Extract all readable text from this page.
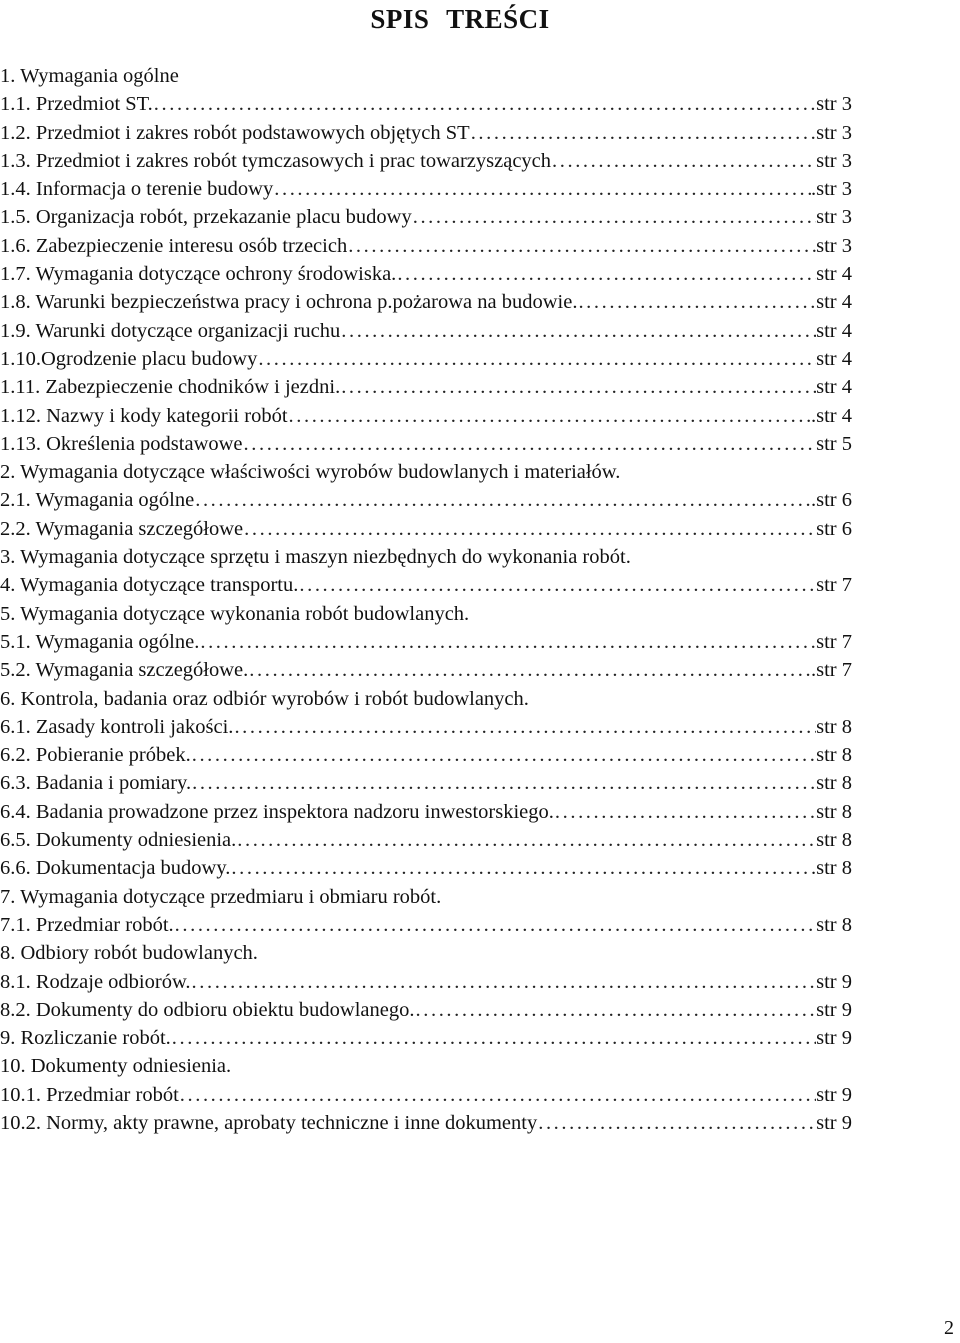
SPIS TREŚCI
1. Wymagania ogólne
1.1. Przedmiot ST. .....	str 3
1.2. Przedmiot i zakres robót podstawowych objętych ST .....	str 3
1.3. Przedmiot i zakres robót tymczasowych i prac towarzyszących .....	str 3
1.4. Informacja o terenie budowy .....	.str 3
1.5. Organizacja robót, przekazanie placu budowy .....	str 3
1.6. Zabezpieczenie interesu osób trzecich .....	str 3
1.7. Wymagania dotyczące ochrony środowiska. .....	str 4
1.8. Warunki bezpieczeństwa pracy i ochrona p.pożarowa na budowie. .....	str 4
1.9. Warunki dotyczące organizacji ruchu .....	str 4
1.10.Ogrodzenie placu budowy .....	str 4
1.11. Zabezpieczenie chodników i jezdni. .....	str 4
1.12. Nazwy i kody kategorii robót .....	.str 4
1.13. Określenia podstawowe .....	str 5
2. Wymagania dotyczące właściwości wyrobów budowlanych i materiałów.
2.1. Wymagania ogólne .....	.str 6
2.2. Wymagania szczegółowe .....	str 6
3. Wymagania dotyczące sprzętu i maszyn niezbędnych do wykonania robót.
4. Wymagania dotyczące transportu. .....	str 7
5. Wymagania dotyczące wykonania robót budowlanych.
5.1. Wymagania ogólne. .....	str 7
5.2. Wymagania szczegółowe. .....	.str 7
6. Kontrola, badania oraz odbiór wyrobów i robót budowlanych.
6.1. Zasady kontroli jakości. .....	str 8
6.2. Pobieranie próbek. .....	str 8
6.3. Badania i pomiary. .....	str 8
6.4. Badania prowadzone przez inspektora nadzoru inwestorskiego. .....	str 8
6.5. Dokumenty odniesienia. .....	str 8
6.6. Dokumentacja budowy. .....	.str 8
7. Wymagania dotyczące przedmiaru i obmiaru robót.
7.1. Przedmiar robót. .....	str 8
8. Odbiory robót budowlanych.
8.1. Rodzaje odbiorów. .....	str 9
8.2. Dokumenty do odbioru obiektu budowlanego. .....	str 9
9. Rozliczanie robót. .....	str 9
10. Dokumenty odniesienia.
10.1. Przedmiar robót .....	str 9
10.2. Normy, akty prawne, aprobaty techniczne i inne dokumenty .....	str 9
2
